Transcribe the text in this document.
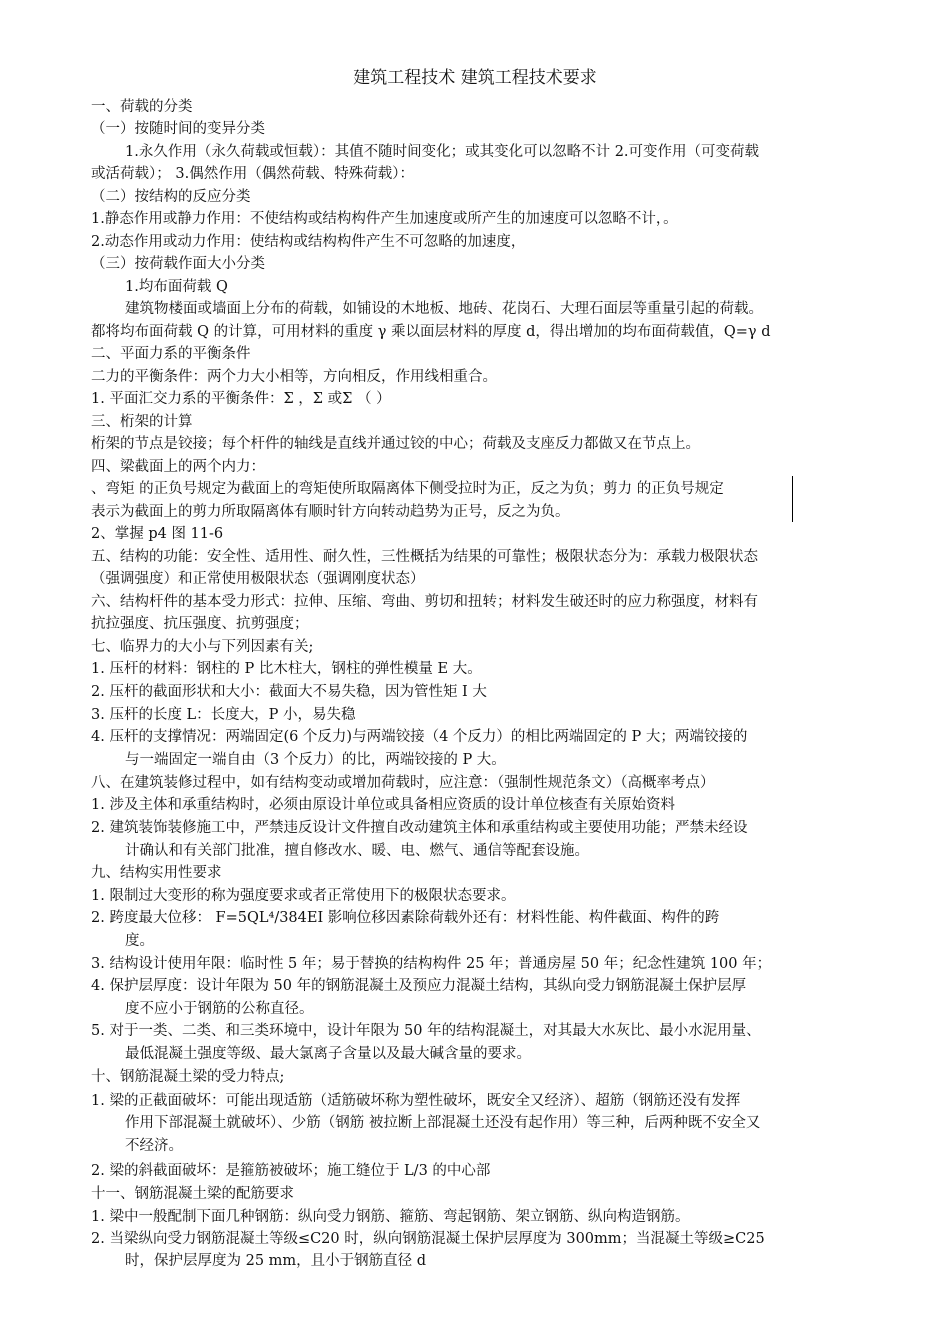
建筑工程技术 建筑工程技术要求
一、荷载的分类
（一）按随时间的变异分类
1.永久作用（永久荷载或恒载）：其值不随时间变化；或其变化可以忽略不计 2.可变作用（可变荷载
或活荷载）； 3.偶然作用（偶然荷载、特殊荷载）：
（二）按结构的反应分类
1.静态作用或静力作用：不使结构或结构构件产生加速度或所产生的加速度可以忽略不计，。
2.动态作用或动力作用：使结构或结构构件产生不可忽略的加速度，
（三）按荷载作面大小分类
1.均布面荷载 Q
建筑物楼面或墙面上分布的荷载，如铺设的木地板、地砖、花岗石、大理石面层等重量引起的荷载。
都将均布面荷载 Q 的计算，可用材料的重度 γ 乘以面层材料的厚度 d，得出增加的均布面荷载值，Q=γ d
二、平面力系的平衡条件
二力的平衡条件：两个力大小相等，方向相反，作用线相重合。
1. 平面汇交力系的平衡条件：Σ ，Σ 或Σ （ ）
三、桁架的计算
桁架的节点是铰接；每个杆件的轴线是直线并通过铰的中心；荷载及支座反力都做又在节点上。
四、梁截面上的两个内力：
、弯矩 的正负号规定为截面上的弯矩使所取隔离体下侧受拉时为正，反之为负；剪力 的正负号规定
表示为截面上的剪力所取隔离体有顺时针方向转动趋势为正号，反之为负。
2、掌握 p4 图 11-6
五、结构的功能：安全性、适用性、耐久性，三性概括为结果的可靠性；极限状态分为：承载力极限状态
（强调强度）和正常使用极限状态（强调刚度状态）
六、结构杆件的基本受力形式：拉伸、压缩、弯曲、剪切和扭转；材料发生破还时的应力称强度，材料有
抗拉强度、抗压强度、抗剪强度；
七、临界力的大小与下列因素有关;
1. 压杆的材料：钢柱的 P 比木柱大，钢柱的弹性模量 E 大。
2. 压杆的截面形状和大小：截面大不易失稳，因为管性矩 I 大
3. 压杆的长度 L：长度大，P 小，易失稳
4. 压杆的支撑情况：两端固定(6 个反力)与两端铰接（4 个反力）的相比两端固定的 P 大；两端铰接的
与一端固定一端自由（3 个反力）的比，两端铰接的 P 大。
八、在建筑装修过程中，如有结构变动或增加荷载时，应注意：（强制性规范条文）（高概率考点）
1. 涉及主体和承重结构时，必须由原设计单位或具备相应资质的设计单位核查有关原始资料
2. 建筑装饰装修施工中，严禁违反设计文件擅自改动建筑主体和承重结构或主要使用功能；严禁未经设
计确认和有关部门批准，擅自修改水、暖、电、燃气、通信等配套设施。
九、结构实用性要求
1. 限制过大变形的称为强度要求或者正常使用下的极限状态要求。
2. 跨度最大位移： F=5QL⁴/384EI 影响位移因素除荷载外还有：材料性能、构件截面、构件的跨
度。
3. 结构设计使用年限：临时性 5 年；易于替换的结构构件 25 年；普通房屋 50 年；纪念性建筑 100 年；
4. 保护层厚度：设计年限为 50 年的钢筋混凝土及预应力混凝土结构，其纵向受力钢筋混凝土保护层厚
度不应小于钢筋的公称直径。
5. 对于一类、二类、和三类环境中，设计年限为 50 年的结构混凝土，对其最大水灰比、最小水泥用量、
最低混凝土强度等级、最大氯离子含量以及最大碱含量的要求。
十、钢筋混凝土梁的受力特点;
1. 梁的正截面破坏：可能出现适筋（适筋破坏称为塑性破坏，既安全又经济）、超筋（钢筋还没有发挥
作用下部混凝土就破坏）、少筋（钢筋 被拉断上部混凝土还没有起作用）等三种，后两种既不安全又
不经济。
2. 梁的斜截面破坏：是箍筋被破坏；施工缝位于 L/3 的中心部
十一、钢筋混凝土梁的配筋要求
1. 梁中一般配制下面几种钢筋：纵向受力钢筋、箍筋、弯起钢筋、架立钢筋、纵向构造钢筋。
2. 当梁纵向受力钢筋混凝土等级≤C20 时，纵向钢筋混凝土保护层厚度为 300mm；当混凝土等级≥C25
时，保护层厚度为 25 mm，且小于钢筋直径 d
